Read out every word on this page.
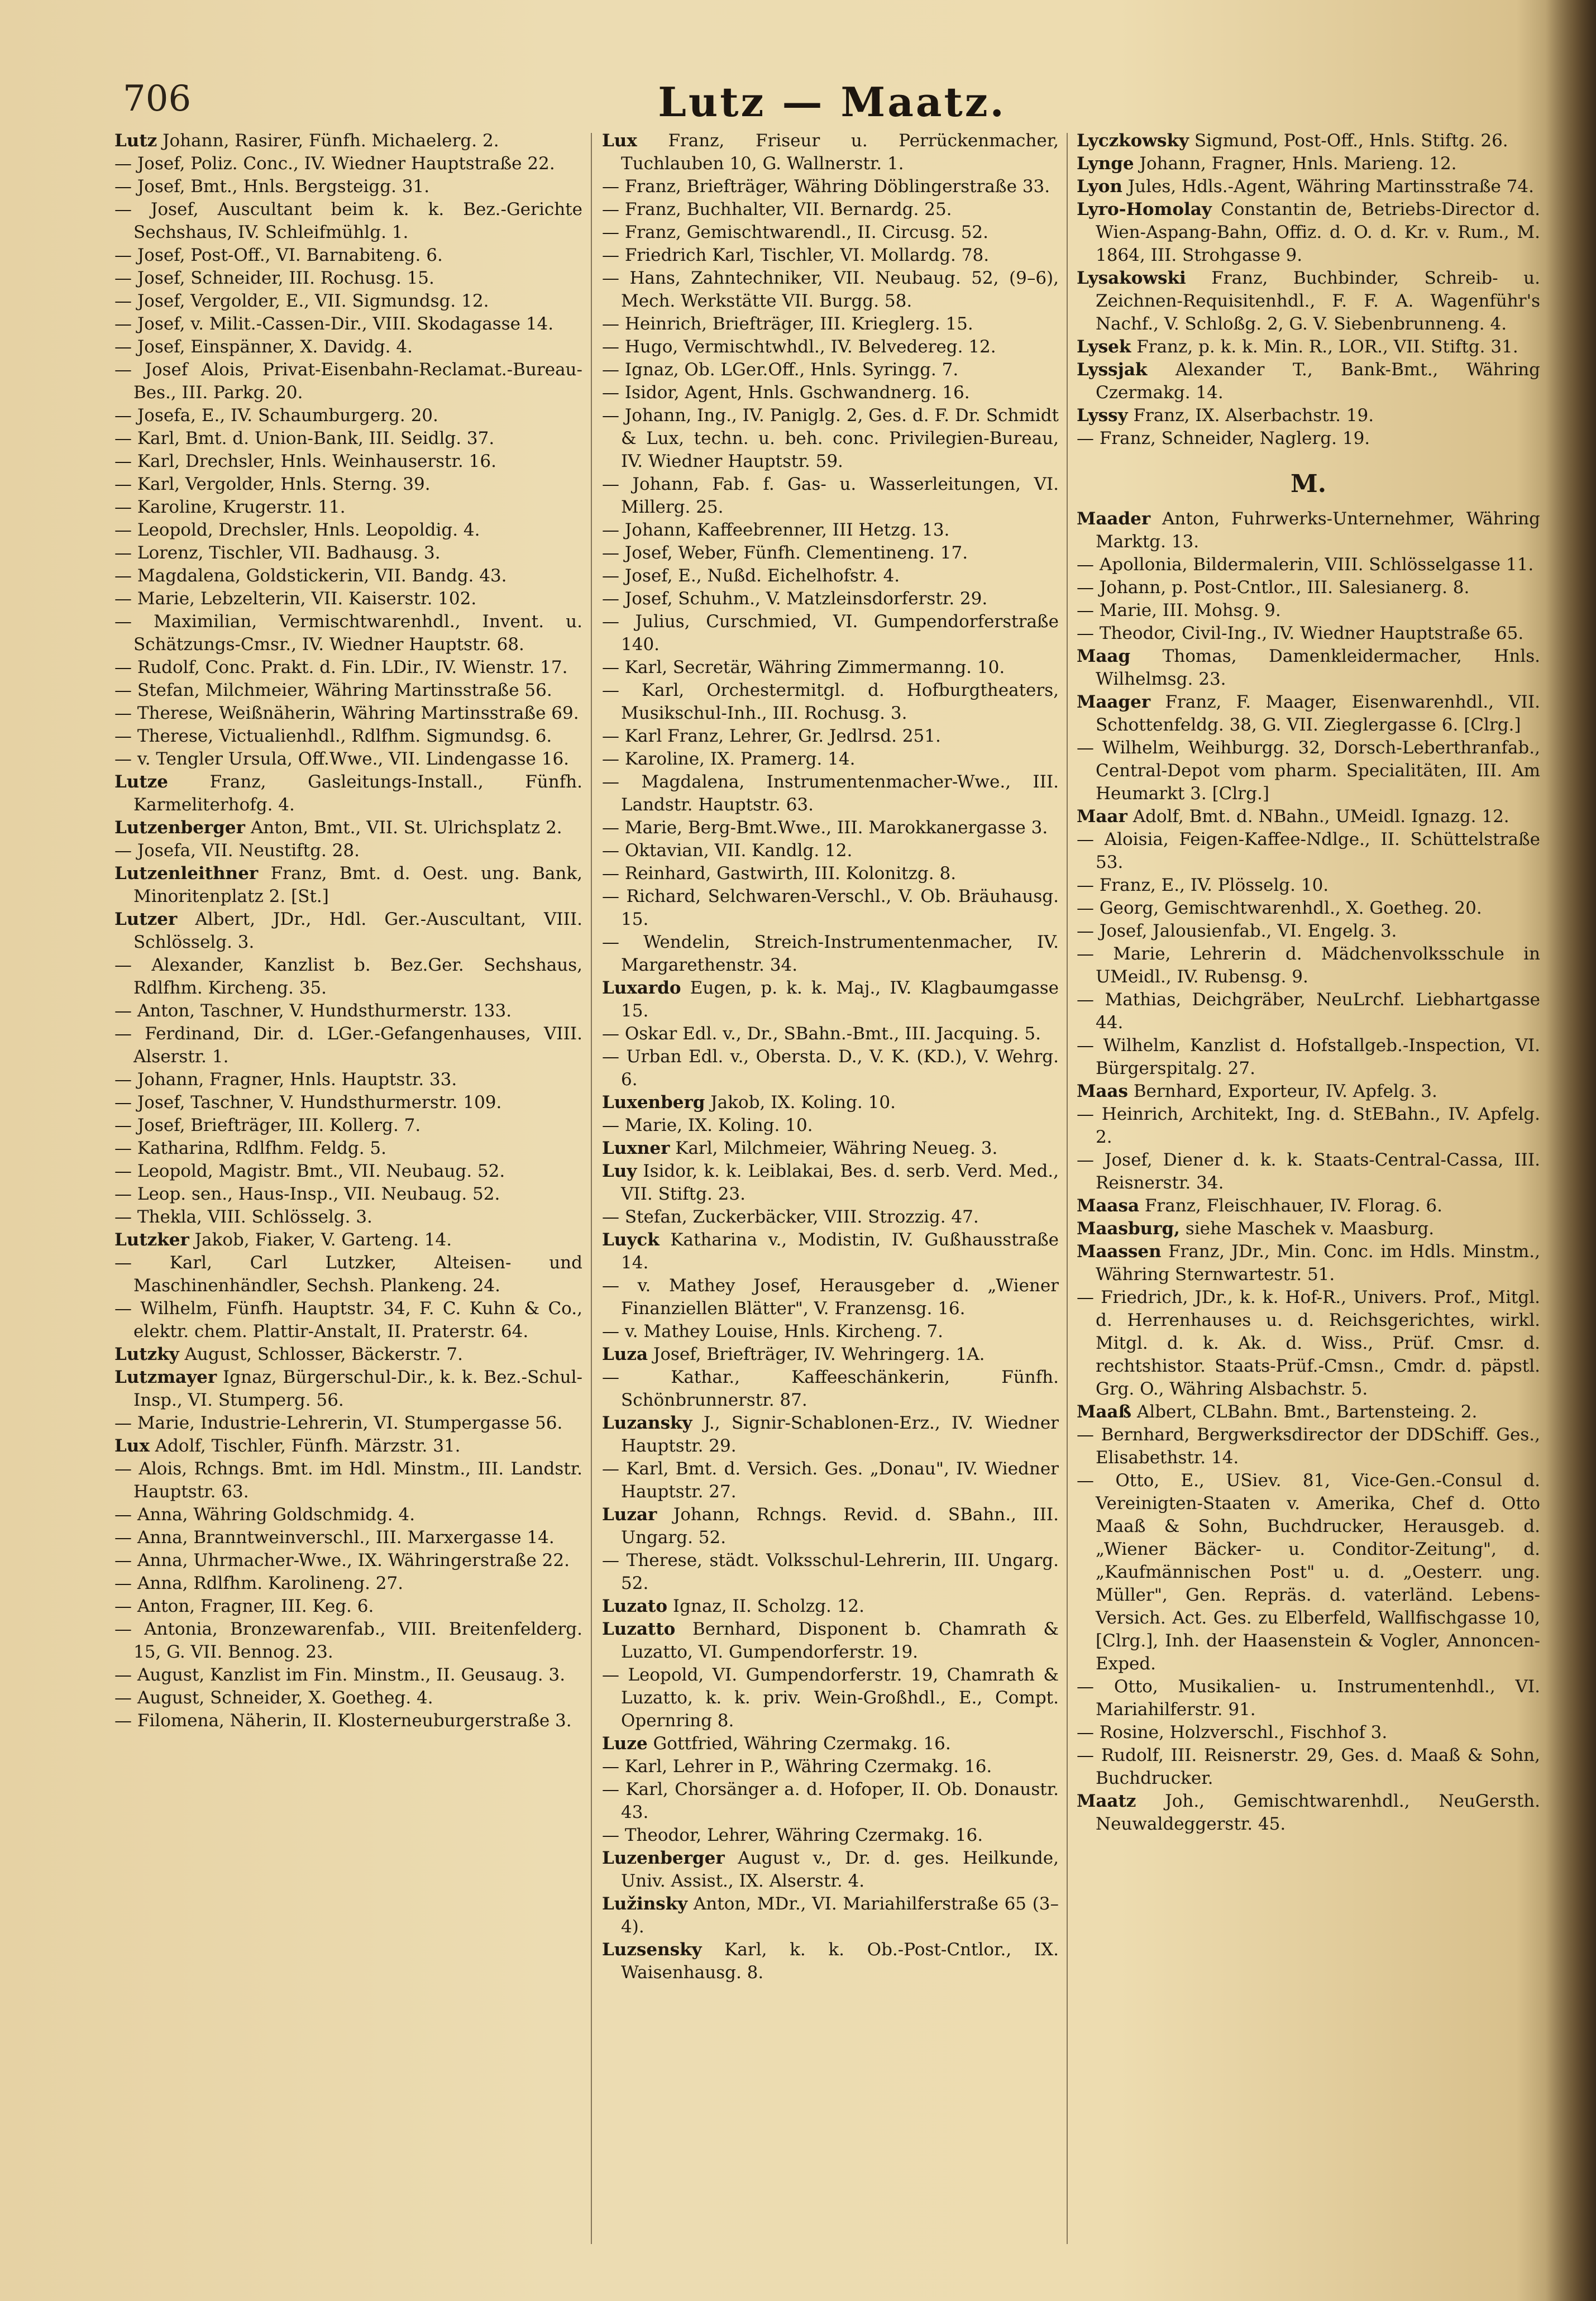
706	Lutz — Maatz.
Lutz Johann, Rasirer, Fünfh. Michaelerg. 2.
— Josef, Poliz. Conc., IV. Wiedner Hauptstraße 22.
— Josef, Bmt., Hnls. Bergsteigg. 31.
— Josef, Auscultant beim k. k. Bez.-Gerichte Sechshaus, IV. Schleifmühlg. 1.
— Josef, Post-Off., VI. Barnabiteng. 6.
— Josef, Schneider, III. Rochusg. 15.
— Josef, Vergolder, E., VII. Sigmundsg. 12.
— Josef, v. Milit.-Cassen-Dir., VIII. Skodagasse 14.
— Josef, Einspänner, X. Davidg. 4.
— Josef Alois, Privat-Eisenbahn-Reclamat.-Bureau-Bes., III. Parkg. 20.
— Josefa, E., IV. Schaumburgerg. 20.
— Karl, Bmt. d. Union-Bank, III. Seidlg. 37.
— Karl, Drechsler, Hnls. Weinhauserstr. 16.
— Karl, Vergolder, Hnls. Sterng. 39.
— Karoline, Krugerstr. 11.
— Leopold, Drechsler, Hnls. Leopoldig. 4.
— Lorenz, Tischler, VII. Badhausg. 3.
— Magdalena, Goldstickerin, VII. Bandg. 43.
— Marie, Lebzelterin, VII. Kaiserstr. 102.
— Maximilian, Vermischtwarenhdl., Invent. u. Schätzungs-Cmsr., IV. Wiedner Hauptstr. 68.
— Rudolf, Conc. Prakt. d. Fin. LDir., IV. Wienstr. 17.
— Stefan, Milchmeier, Währing Martinsstraße 56.
— Therese, Weißnäherin, Währing Martinsstraße 69.
— Therese, Victualienhdl., Rdlfhm. Sigmundsg. 6.
— v. Tengler Ursula, Off.Wwe., VII. Lindengasse 16.
Lutze Franz, Gasleitungs-Install., Fünfh. Karmeliterhofg. 4.
Lutzenberger Anton, Bmt., VII. St. Ulrichsplatz 2.
— Josefa, VII. Neustiftg. 28.
Lutzenleithner Franz, Bmt. d. Oest. ung. Bank, Minoritenplatz 2. [St.]
Lutzer Albert, JDr., Hdl. Ger.-Auscultant, VIII. Schlösselg. 3.
— Alexander, Kanzlist b. Bez.Ger. Sechshaus, Rdlfhm. Kircheng. 35.
— Anton, Taschner, V. Hundsthurmerstr. 133.
— Ferdinand, Dir. d. LGer.-Gefangenhauses, VIII. Alserstr. 1.
— Johann, Fragner, Hnls. Hauptstr. 33.
— Josef, Taschner, V. Hundsthurmerstr. 109.
— Josef, Briefträger, III. Kollerg. 7.
— Katharina, Rdlfhm. Feldg. 5.
— Leopold, Magistr. Bmt., VII. Neubaug. 52.
— Leop. sen., Haus-Insp., VII. Neubaug. 52.
— Thekla, VIII. Schlösselg. 3.
Lutzker Jakob, Fiaker, V. Garteng. 14.
— Karl, Carl Lutzker, Alteisen- und Maschinenhändler, Sechsh. Plankeng. 24.
— Wilhelm, Fünfh. Hauptstr. 34, F. C. Kuhn & Co., elektr. chem. Plattir-Anstalt, II. Praterstr. 64.
Lutzky August, Schlosser, Bäckerstr. 7.
Lutzmayer Ignaz, Bürgerschul-Dir., k. k. Bez.-Schul-Insp., VI. Stumperg. 56.
— Marie, Industrie-Lehrerin, VI. Stumpergasse 56.
Lux Adolf, Tischler, Fünfh. Märzstr. 31.
— Alois, Rchngs. Bmt. im Hdl. Minstm., III. Landstr. Hauptstr. 63.
— Anna, Währing Goldschmidg. 4.
— Anna, Branntweinverschl., III. Marxergasse 14.
— Anna, Uhrmacher-Wwe., IX. Währingerstraße 22.
— Anna, Rdlfhm. Karolineng. 27.
— Anton, Fragner, III. Keg. 6.
— Antonia, Bronzewarenfab., VIII. Breitenfelderg. 15, G. VII. Bennog. 23.
— August, Kanzlist im Fin. Minstm., II. Geusaug. 3.
— August, Schneider, X. Goetheg. 4.
— Filomena, Näherin, II. Klosterneuburgerstraße 3.
Lux Franz, Friseur u. Perrückenmacher, Tuchlauben 10, G. Wallnerstr. 1.
— Franz, Briefträger, Währing Döblingerstraße 33.
— Franz, Buchhalter, VII. Bernardg. 25.
— Franz, Gemischtwarendl., II. Circusg. 52.
— Friedrich Karl, Tischler, VI. Mollardg. 78.
— Hans, Zahntechniker, VII. Neubaug. 52, (9–6), Mech. Werkstätte VII. Burgg. 58.
— Heinrich, Briefträger, III. Krieglerg. 15.
— Hugo, Vermischtwhdl., IV. Belvedereg. 12.
— Ignaz, Ob. LGer.Off., Hnls. Syringg. 7.
— Isidor, Agent, Hnls. Gschwandnerg. 16.
— Johann, Ing., IV. Paniglg. 2, Ges. d. F. Dr. Schmidt & Lux, techn. u. beh. conc. Privilegien-Bureau, IV. Wiedner Hauptstr. 59.
— Johann, Fab. f. Gas- u. Wasserleitungen, VI. Millerg. 25.
— Johann, Kaffeebrenner, III Hetzg. 13.
— Josef, Weber, Fünfh. Clementineng. 17.
— Josef, E., Nußd. Eichelhofstr. 4.
— Josef, Schuhm., V. Matzleinsdorferstr. 29.
— Julius, Curschmied, VI. Gumpendorferstraße 140.
— Karl, Secretär, Währing Zimmermanng. 10.
— Karl, Orchestermitgl. d. Hofburgtheaters, Musikschul-Inh., III. Rochusg. 3.
— Karl Franz, Lehrer, Gr. Jedlrsd. 251.
— Karoline, IX. Pramerg. 14.
— Magdalena, Instrumentenmacher-Wwe., III. Landstr. Hauptstr. 63.
— Marie, Berg-Bmt.Wwe., III. Marokkanergasse 3.
— Oktavian, VII. Kandlg. 12.
— Reinhard, Gastwirth, III. Kolonitzg. 8.
— Richard, Selchwaren-Verschl., V. Ob. Bräuhausg. 15.
— Wendelin, Streich-Instrumentenmacher, IV. Margarethenstr. 34.
Luxardo Eugen, p. k. k. Maj., IV. Klagbaumgasse 15.
— Oskar Edl. v., Dr., SBahn.-Bmt., III. Jacquing. 5.
— Urban Edl. v., Obersta. D., V. K. (KD.), V. Wehrg. 6.
Luxenberg Jakob, IX. Koling. 10.
— Marie, IX. Koling. 10.
Luxner Karl, Milchmeier, Währing Neueg. 3.
Luy Isidor, k. k. Leiblakai, Bes. d. serb. Verd. Med., VII. Stiftg. 23.
— Stefan, Zuckerbäcker, VIII. Strozzig. 47.
Luyck Katharina v., Modistin, IV. Gußhausstraße 14.
— v. Mathey Josef, Herausgeber d. „Wiener Finanziellen Blätter", V. Franzensg. 16.
— v. Mathey Louise, Hnls. Kircheng. 7.
Luza Josef, Briefträger, IV. Wehringerg. 1A.
— Kathar., Kaffeeschänkerin, Fünfh. Schönbrunnerstr. 87.
Luzansky J., Signir-Schablonen-Erz., IV. Wiedner Hauptstr. 29.
— Karl, Bmt. d. Versich. Ges. „Donau", IV. Wiedner Hauptstr. 27.
Luzar Johann, Rchngs. Revid. d. SBahn., III. Ungarg. 52.
— Therese, städt. Volksschul-Lehrerin, III. Ungarg. 52.
Luzato Ignaz, II. Scholzg. 12.
Luzatto Bernhard, Disponent b. Chamrath & Luzatto, VI. Gumpendorferstr. 19.
— Leopold, VI. Gumpendorferstr. 19, Chamrath & Luzatto, k. k. priv. Wein-Großhdl., E., Compt. Opernring 8.
Luze Gottfried, Währing Czermakg. 16.
— Karl, Lehrer in P., Währing Czermakg. 16.
— Karl, Chorsänger a. d. Hofoper, II. Ob. Donaustr. 43.
— Theodor, Lehrer, Währing Czermakg. 16.
Luzenberger August v., Dr. d. ges. Heilkunde, Univ. Assist., IX. Alserstr. 4.
Lužinsky Anton, MDr., VI. Mariahilferstraße 65 (3–4).
Luzsensky Karl, k. k. Ob.-Post-Cntlor., IX. Waisenhausg. 8.
Lyczkowsky Sigmund, Post-Off., Hnls. Stiftg. 26.
Lynge Johann, Fragner, Hnls. Marieng. 12.
Lyon Jules, Hdls.-Agent, Währing Martinsstraße 74.
Lyro-Homolay Constantin de, Betriebs-Director d. Wien-Aspang-Bahn, Offiz. d. O. d. Kr. v. Rum., M. 1864, III. Strohgasse 9.
Lysakowski Franz, Buchbinder, Schreib- u. Zeichnen-Requisitenhdl., F. F. A. Wagenführ's Nachf., V. Schloßg. 2, G. V. Siebenbrunneng. 4.
Lysek Franz, p. k. k. Min. R., LOR., VII. Stiftg. 31.
Lyssjak Alexander T., Bank-Bmt., Währing Czermakg. 14.
Lyssy Franz, IX. Alserbachstr. 19.
— Franz, Schneider, Naglerg. 19.
M.
Maader Anton, Fuhrwerks-Unternehmer, Währing Marktg. 13.
— Apollonia, Bildermalerin, VIII. Schlösselgasse 11.
— Johann, p. Post-Cntlor., III. Salesianerg. 8.
— Marie, III. Mohsg. 9.
— Theodor, Civil-Ing., IV. Wiedner Hauptstraße 65.
Maag Thomas, Damenkleidermacher, Hnls. Wilhelmsg. 23.
Maager Franz, F. Maager, Eisenwarenhdl., VII. Schottenfeldg. 38, G. VII. Zieglergasse 6. [Clrg.]
— Wilhelm, Weihburgg. 32, Dorsch-Leberthranfab., Central-Depot vom pharm. Specialitäten, III. Am Heumarkt 3. [Clrg.]
Maar Adolf, Bmt. d. NBahn., UMeidl. Ignazg. 12.
— Aloisia, Feigen-Kaffee-Ndlge., II. Schüttelstraße 53.
— Franz, E., IV. Plösselg. 10.
— Georg, Gemischtwarenhdl., X. Goetheg. 20.
— Josef, Jalousienfab., VI. Engelg. 3.
— Marie, Lehrerin d. Mädchenvolksschule in UMeidl., IV. Rubensg. 9.
— Mathias, Deichgräber, NeuLrchf. Liebhartgasse 44.
— Wilhelm, Kanzlist d. Hofstallgeb.-Inspection, VI. Bürgerspitalg. 27.
Maas Bernhard, Exporteur, IV. Apfelg. 3.
— Heinrich, Architekt, Ing. d. StEBahn., IV. Apfelg. 2.
— Josef, Diener d. k. k. Staats-Central-Cassa, III. Reisnerstr. 34.
Maasa Franz, Fleischhauer, IV. Florag. 6.
Maasburg, siehe Maschek v. Maasburg.
Maassen Franz, JDr., Min. Conc. im Hdls. Minstm., Währing Sternwartestr. 51.
— Friedrich, JDr., k. k. Hof-R., Univers. Prof., Mitgl. d. Herrenhauses u. d. Reichsgerichtes, wirkl. Mitgl. d. k. Ak. d. Wiss., Prüf. Cmsr. d. rechtshistor. Staats-Prüf.-Cmsn., Cmdr. d. päpstl. Grg. O., Währing Alsbachstr. 5.
Maaß Albert, CLBahn. Bmt., Bartensteing. 2.
— Bernhard, Bergwerksdirector der DDSchiff. Ges., Elisabethstr. 14.
— Otto, E., USiev. 81, Vice-Gen.-Consul d. Vereinigten-Staaten v. Amerika, Chef d. Otto Maaß & Sohn, Buchdrucker, Herausgeb. d. „Wiener Bäcker- u. Conditor-Zeitung", d. „Kaufmännischen Post" u. d. „Oesterr. ung. Müller", Gen. Repräs. d. vaterländ. Lebens-Versich. Act. Ges. zu Elberfeld, Wallfischgasse 10, [Clrg.], Inh. der Haasenstein & Vogler, Annoncen-Exped.
— Otto, Musikalien- u. Instrumentenhdl., VI. Mariahilferstr. 91.
— Rosine, Holzverschl., Fischhof 3.
— Rudolf, III. Reisnerstr. 29, Ges. d. Maaß & Sohn, Buchdrucker.
Maatz Joh., Gemischtwarenhdl., NeuGersth. Neuwaldeggerstr. 45.
